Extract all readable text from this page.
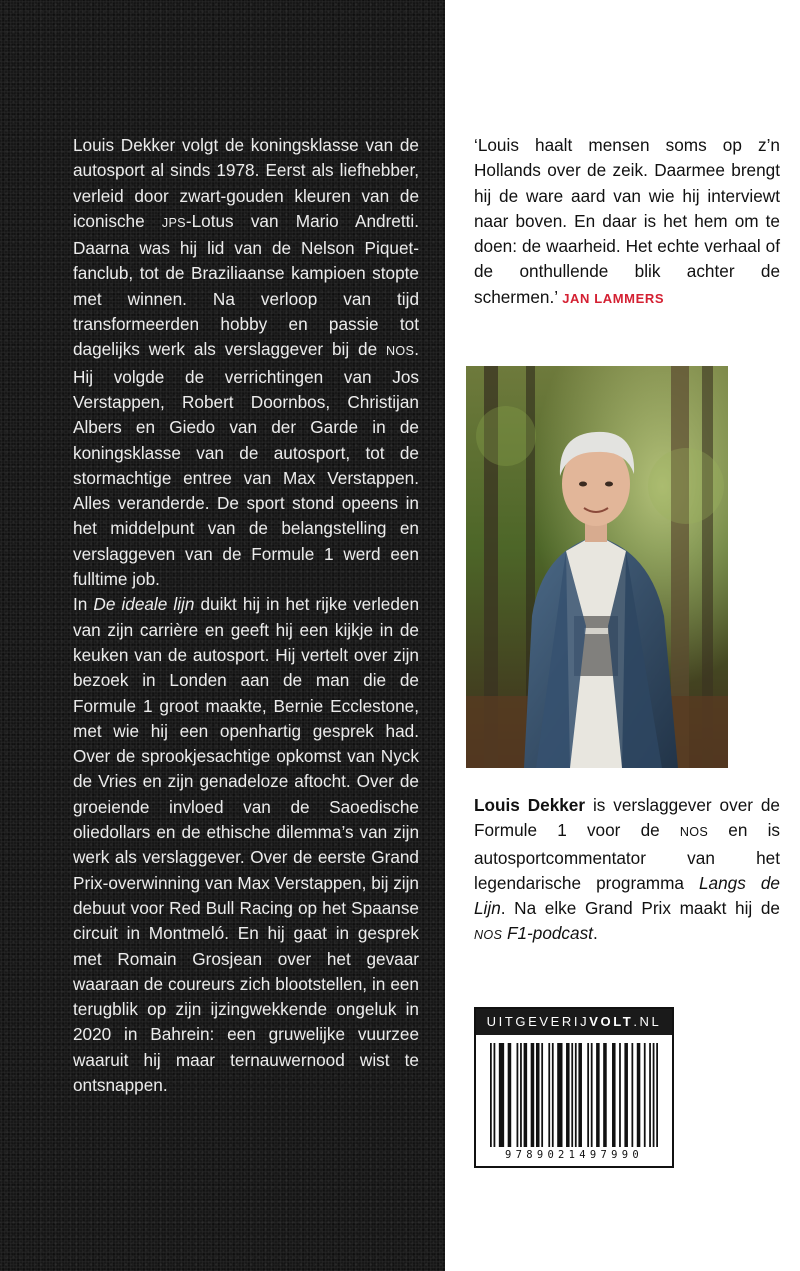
Louis Dekker volgt de koningsklasse van de autosport al sinds 1978. Eerst als liefhebber, verleid door zwart-gouden kleuren van de iconische JPS-Lotus van Mario Andretti. Daarna was hij lid van de Nelson Piquet-fanclub, tot de Braziliaanse kampioen stopte met winnen. Na verloop van tijd transformeerden hobby en passie tot dagelijks werk als verslaggever bij de NOS. Hij volgde de verrichtingen van Jos Verstappen, Robert Doornbos, Christijan Albers en Giedo van der Garde in de koningsklasse van de autosport, tot de stormachtige entree van Max Verstappen. Alles veranderde. De sport stond opeens in het middelpunt van de belangstelling en verslaggeven van de Formule 1 werd een fulltime job.

In De ideale lijn duikt hij in het rijke verleden van zijn carrière en geeft hij een kijkje in de keuken van de autosport. Hij vertelt over zijn bezoek in Londen aan de man die de Formule 1 groot maakte, Bernie Ecclestone, met wie hij een openhartig gesprek had. Over de sprookjesachtige opkomst van Nyck de Vries en zijn genadeloze aftocht. Over de groeiende invloed van de Saoedische oliedollars en de ethische dilemma’s van zijn werk als verslaggever. Over de eerste Grand Prix-overwinning van Max Verstappen, bij zijn debuut voor Red Bull Racing op het Spaanse circuit in Montmeló. En hij gaat in gesprek met Romain Grosjean over het gevaar waaraan de coureurs zich blootstellen, in een terugblik op zijn ijzingwekkende ongeluk in 2020 in Bahrein: een gruwelijke vuurzee waaruit hij maar ternauwernood wist te ontsnappen.

‘Louis haalt mensen soms op z’n Hollands over de zeik. Daarmee brengt hij de ware aard van wie hij interviewt naar boven. En daar is het hem om te doen: de waarheid. Het echte verhaal of de onthullende blik achter de schermen.’ JAN LAMMERS

Louis Dekker is verslaggever over de Formule 1 voor de NOS en is autosportcommentator van het legendarische programma Langs de Lijn. Na elke Grand Prix maakt hij de NOS F1-podcast.

UITGEVERIJVOLT.NL
9789021497990
